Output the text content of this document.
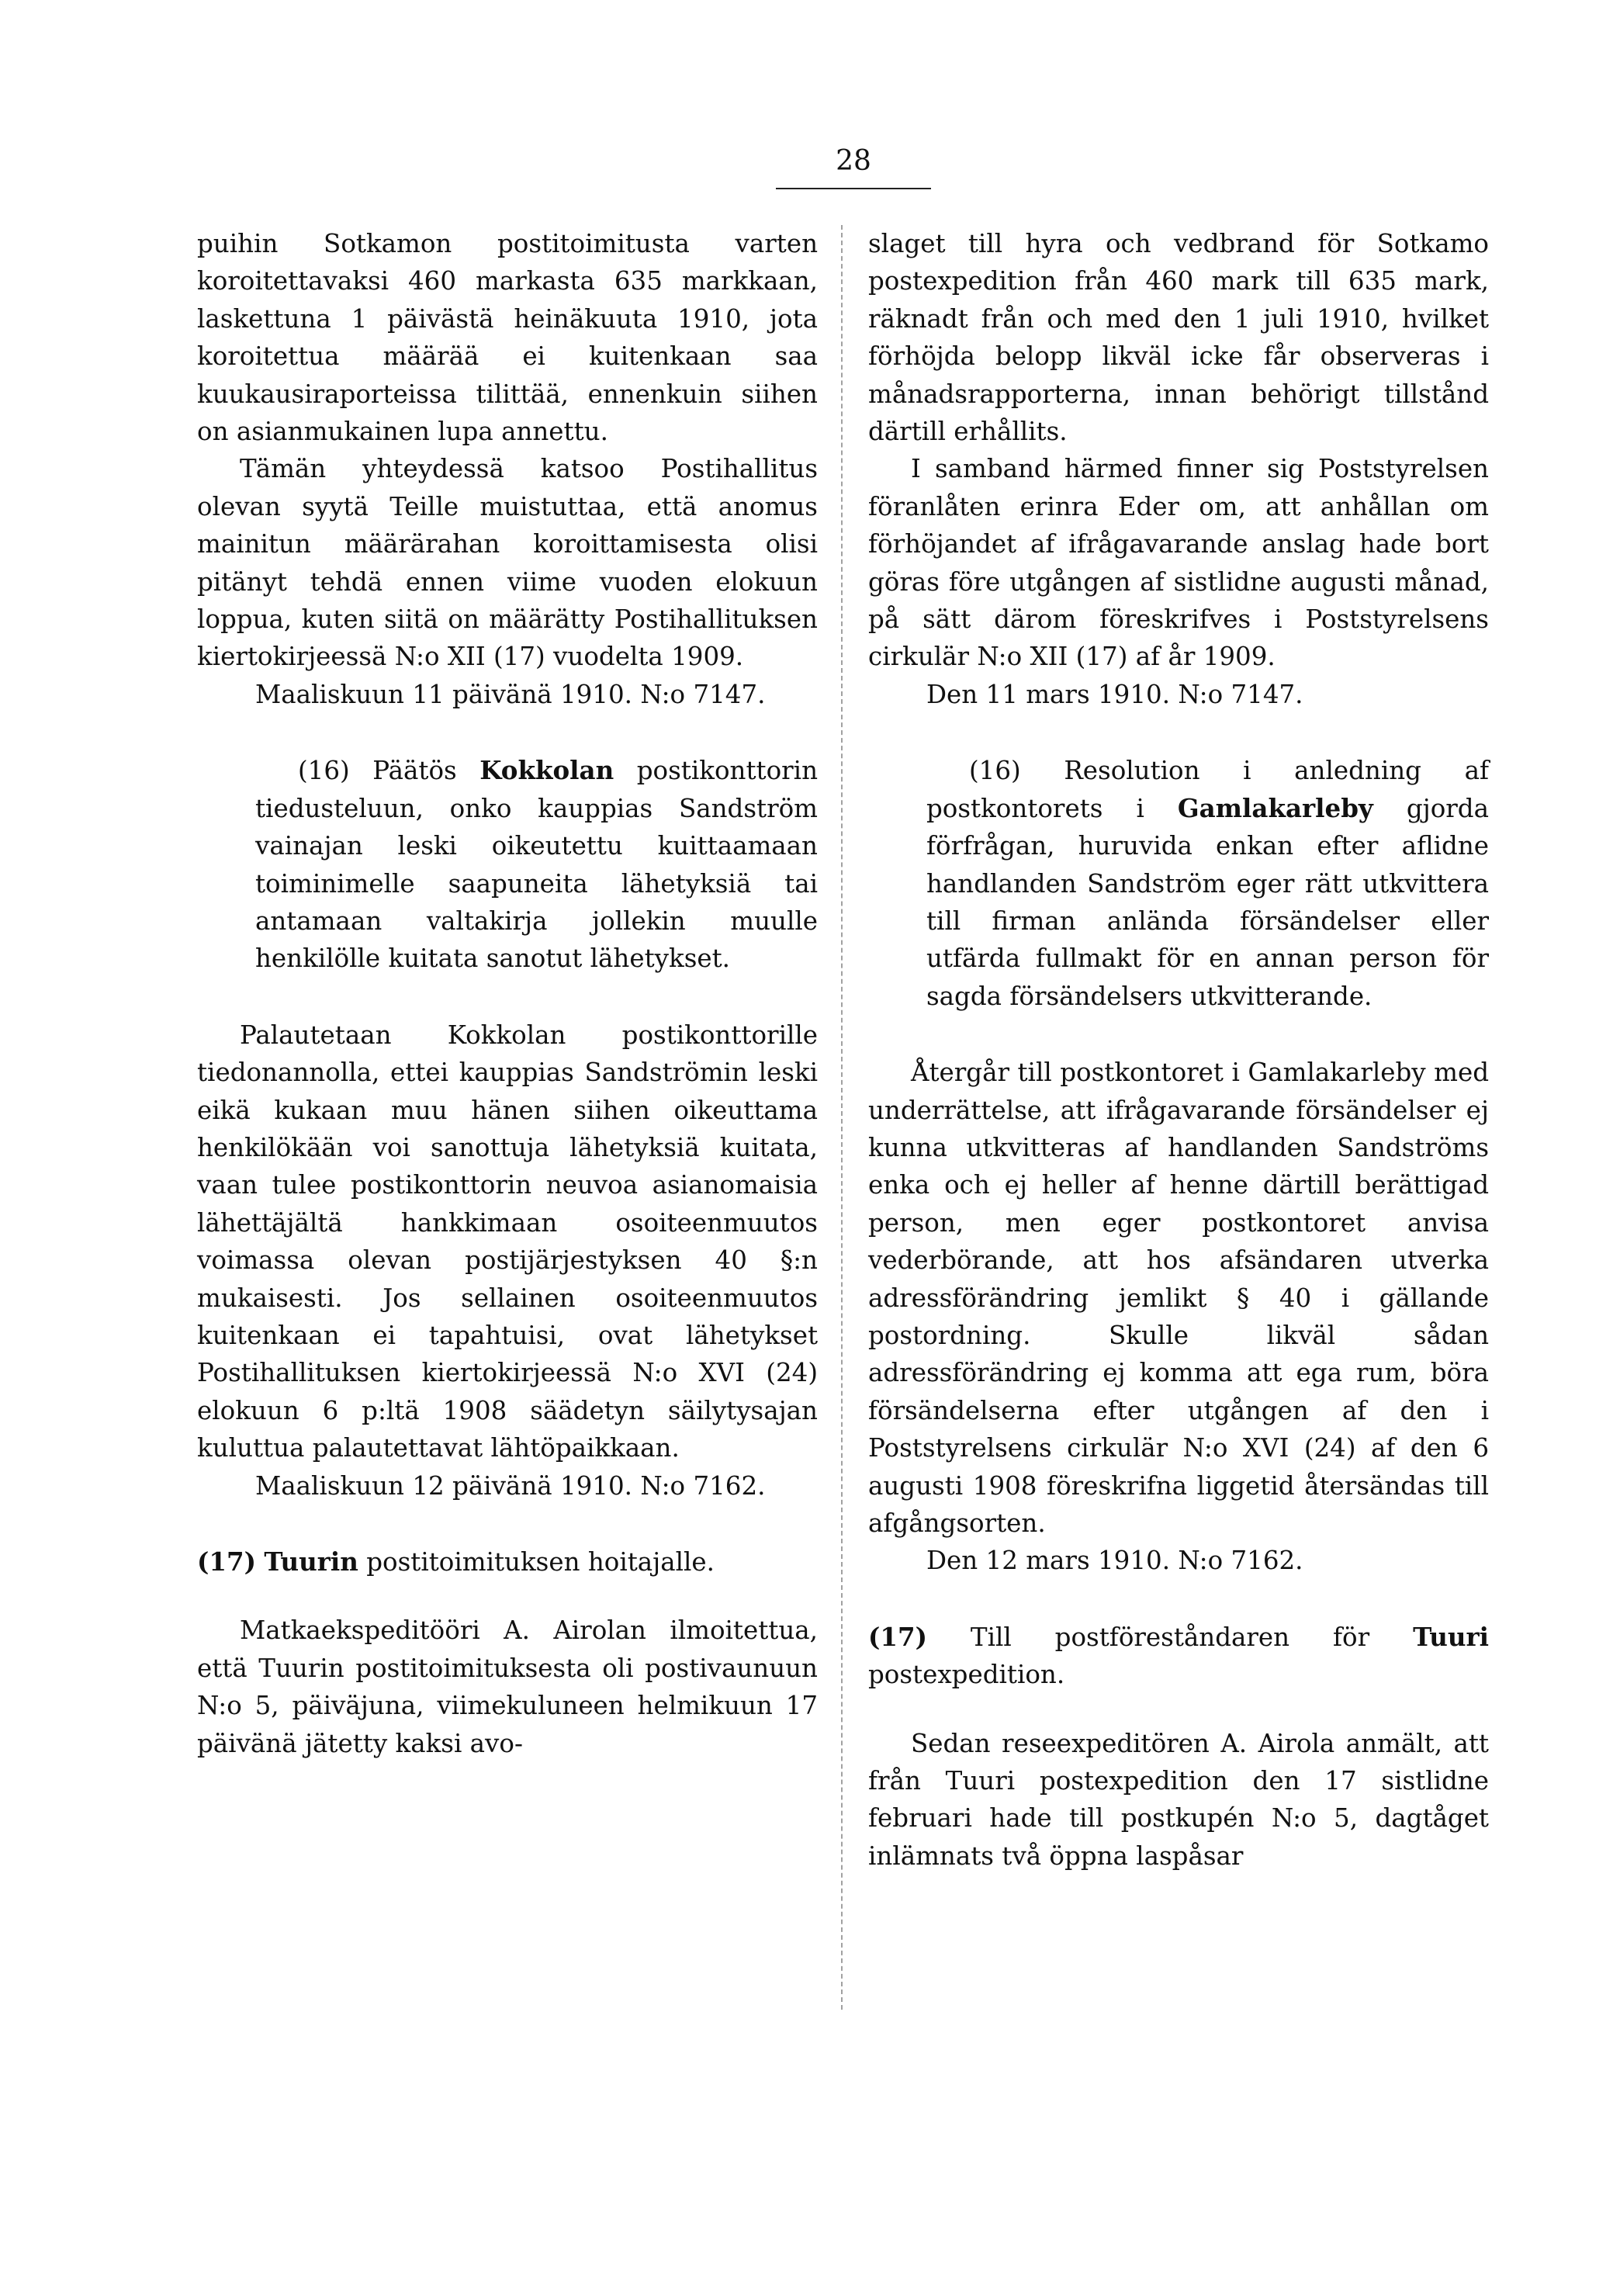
28

puihin Sotkamon postitoimitusta varten koroitettavaksi 460 markasta 635 markkaan, laskettuna 1 päivästä heinäkuuta 1910, jota koroitettua määrää ei kuitenkaan saa kuukausiraporteissa tilittää, ennenkuin siihen on asianmukainen lupa annettu.

Tämän yhteydessä katsoo Postihallitus olevan syytä Teille muistuttaa, että anomus mainitun määrärahan koroittamisesta olisi pitänyt tehdä ennen viime vuoden elokuun loppua, kuten siitä on määrätty Postihallituksen kiertokirjeessä N:o XII (17) vuodelta 1909.

Maaliskuun 11 päivänä 1910. N:o 7147.

(16) Päätös Kokkolan postikonttorin tiedusteluun, onko kauppias Sandström vainajan leski oikeutettu kuittaamaan toiminimelle saapuneita lähetyksiä tai antamaan valtakirja jollekin muulle henkilölle kuitata sanotut lähetykset.

Palautetaan Kokkolan postikonttorille tiedonannolla, ettei kauppias Sandströmin leski eikä kukaan muu hänen siihen oikeuttama henkilökään voi sanottuja lähetyksiä kuitata, vaan tulee postikonttorin neuvoa asianomaisia lähettäjältä hankkimaan osoiteenmuutos voimassa olevan postijärjestyksen 40 §:n mukaisesti. Jos sellainen osoiteenmuutos kuitenkaan ei tapahtuisi, ovat lähetykset Postihallituksen kiertokirjeessä N:o XVI (24) elokuun 6 p:ltä 1908 säädetyn säilytysajan kuluttua palautettavat lähtöpaikkaan.

Maaliskuun 12 päivänä 1910. N:o 7162.

(17) Tuurin postitoimituksen hoitajalle.

Matkaekspeditööri A. Airolan ilmoitettua, että Tuurin postitoimituksesta oli postivaunuun N:o 5, päiväjuna, viimekuluneen helmikuun 17 päivänä jätetty kaksi avo-

slaget till hyra och vedbrand för Sotkamo postexpedition från 460 mark till 635 mark, räknadt från och med den 1 juli 1910, hvilket förhöjda belopp likväl icke får observeras i månadsrapporterna, innan behörigt tillstånd därtill erhållits.

I samband härmed finner sig Poststyrelsen föranlåten erinra Eder om, att anhållan om förhöjandet af ifrågavarande anslag hade bort göras före utgången af sistlidne augusti månad, på sätt därom föreskrifves i Poststyrelsens cirkulär N:o XII (17) af år 1909.

Den 11 mars 1910. N:o 7147.

(16) Resolution i anledning af postkontorets i Gamlakarleby gjorda förfrågan, huruvida enkan efter aflidne handlanden Sandström eger rätt utkvittera till firman anlända försändelser eller utfärda fullmakt för en annan person för sagda försändelsers utkvitterande.

Återgår till postkontoret i Gamlakarleby med underrättelse, att ifrågavarande försändelser ej kunna utkvitteras af handlanden Sandströms enka och ej heller af henne därtill berättigad person, men eger postkontoret anvisa vederbörande, att hos afsändaren utverka adressförändring jemlikt § 40 i gällande postordning. Skulle likväl sådan adressförändring ej komma att ega rum, böra försändelserna efter utgången af den i Poststyrelsens cirkulär N:o XVI (24) af den 6 augusti 1908 föreskrifna liggetid återsändas till afgångsorten.

Den 12 mars 1910. N:o 7162.

(17) Till postföreståndaren för Tuuri postexpedition.

Sedan reseexpeditören A. Airola anmält, att från Tuuri postexpedition den 17 sistlidne februari hade till postkupén N:o 5, dagtåget inlämnats två öppna laspåsar
